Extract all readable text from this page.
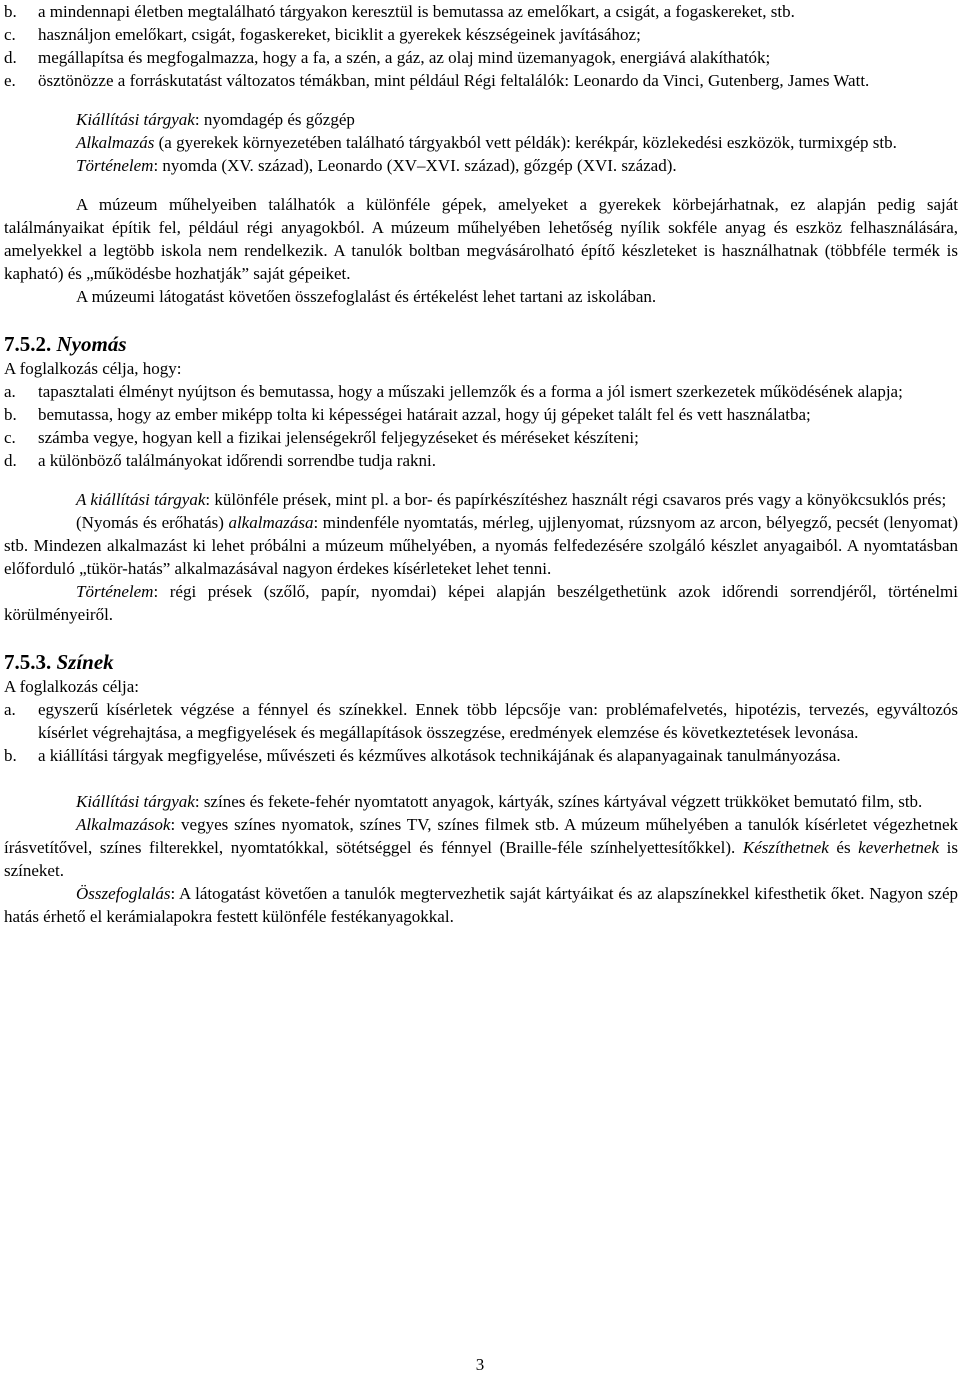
b.	a mindennapi életben megtalálható tárgyakon keresztül is bemutassa az emelőkart, a csigát, a fogaskereket, stb.
c.	használjon emelőkart, csigát, fogaskereket, biciklit a gyerekek készségeinek javításához;
d.	megállapítsa és megfogalmazza, hogy a fa, a szén, a gáz, az olaj mind üzemanyagok, energiává alakíthatók;
e.	ösztönözze a forráskutatást változatos témákban, mint például Régi feltalálók: Leonardo da Vinci, Gutenberg, James Watt.

Kiállítási tárgyak: nyomdagép és gőzgép

Alkalmazás (a gyerekek környezetében található tárgyakból vett példák): kerékpár, közlekedési eszközök, turmixgép stb.

Történelem: nyomda (XV. század), Leonardo (XV–XVI. század), gőzgép (XVI. század).

A múzeum műhelyeiben találhatók a különféle gépek, amelyeket a gyerekek körbejárhatnak, ez alapján pedig saját találmányaikat építik fel, például régi anyagokból. A múzeum műhelyében lehetőség nyílik sokféle anyag és eszköz felhasználására, amelyekkel a legtöbb iskola nem rendelkezik. A tanulók boltban megvásárolható építő készleteket is használhatnak (többféle termék is kapható) és „működésbe hozhatják” saját gépeiket.

A múzeumi látogatást követően összefoglalást és értékelést lehet tartani az iskolában.

7.5.2. Nyomás

A foglalkozás célja, hogy:

a.	tapasztalati élményt nyújtson és bemutassa, hogy a műszaki jellemzők és a forma a jól ismert szerkezetek működésének alapja;
b.	bemutassa, hogy az ember miképp tolta ki képességei határait azzal, hogy új gépeket talált fel és vett használatba;
c.	számba vegye, hogyan kell a fizikai jelenségekről feljegyzéseket és méréseket készíteni;
d.	a különböző találmányokat időrendi sorrendbe tudja rakni.

A kiállítási tárgyak: különféle prések, mint pl. a bor- és papírkészítéshez használt régi csavaros prés vagy a könyökcsuklós prés;

(Nyomás és erőhatás) alkalmazása: mindenféle nyomtatás, mérleg, ujjlenyomat, rúzsnyom az arcon, bélyegző, pecsét (lenyomat) stb. Mindezen alkalmazást ki lehet próbálni a múzeum műhelyében, a nyomás felfedezésére szolgáló készlet anyagaiból. A nyomtatásban előforduló „tükör-hatás” alkalmazásával nagyon érdekes kísérleteket lehet tenni.

Történelem: régi prések (szőlő, papír, nyomdai) képei alapján beszélgethetünk azok időrendi sorrendjéről, történelmi körülményeiről.

7.5.3. Színek

A foglalkozás célja:

a.	egyszerű kísérletek végzése a fénnyel és színekkel. Ennek több lépcsője van: problémafelvetés, hipotézis, tervezés, egyváltozós kísérlet végrehajtása, a megfigyelések és megállapítások összegzése, eredmények elemzése és következtetések levonása.
b.	a kiállítási tárgyak megfigyelése, művészeti és kézműves alkotások technikájának és alapanyagainak tanulmányozása.

Kiállítási tárgyak: színes és fekete-fehér nyomtatott anyagok, kártyák, színes kártyával végzett trükköket bemutató film, stb.

Alkalmazások: vegyes színes nyomatok, színes TV, színes filmek stb. A múzeum műhelyében a tanulók kísérletet végezhetnek írásvetítővel, színes filterekkel, nyomtatókkal, sötétséggel és fénnyel (Braille-féle színhelyettesítőkkel). Készíthetnek és keverhetnek is színeket.

Összefoglalás: A látogatást követően a tanulók megtervezhetik saját kártyáikat és az alapszínekkel kifesthetik őket. Nagyon szép hatás érhető el kerámialapokra festett különféle festékanyagokkal.

3
